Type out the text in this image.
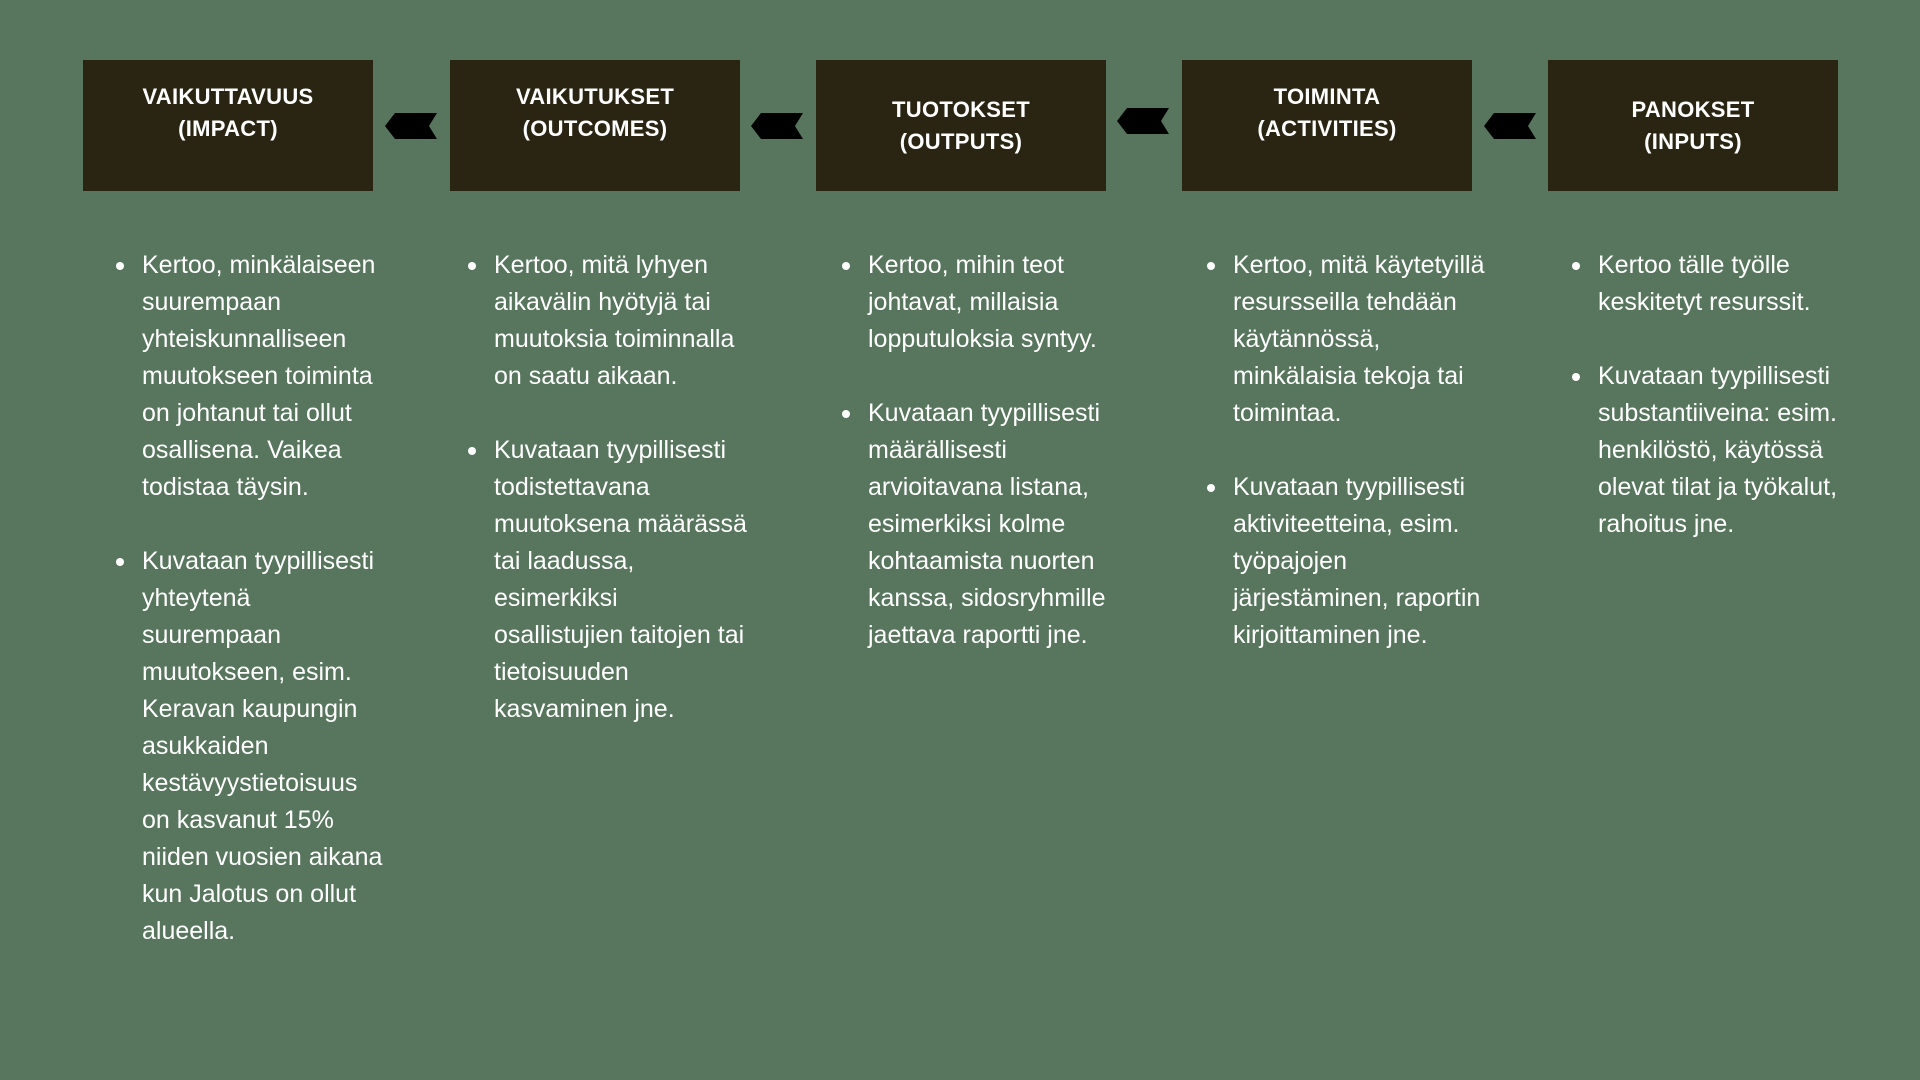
VAIKUTTAVUUS
(IMPACT)
VAIKUTUKSET
(OUTCOMES)
TUOTOKSET
(OUTPUTS)
TOIMINTA
(ACTIVITIES)
PANOKSET
(INPUTS)
Kertoo, minkälaiseen suurempaan yhteiskunnalliseen muutokseen toiminta on johtanut tai ollut osallisena. Vaikea todistaa täysin.
Kuvataan tyypillisesti yhteytenä suurempaan muutokseen, esim. Keravan kaupungin asukkaiden kestävyystietoisuus on kasvanut 15% niiden vuosien aikana kun Jalotus on ollut alueella.
Kertoo, mitä lyhyen aikavälin hyötyjä tai muutoksia toiminnalla on saatu aikaan.
Kuvataan tyypillisesti todistettavana muutoksena määrässä tai laadussa, esimerkiksi osallistujien taitojen tai tietoisuuden kasvaminen jne.
Kertoo, mihin teot johtavat, millaisia lopputuloksia syntyy.
Kuvataan tyypillisesti määrällisesti arvioitavana listana, esimerkiksi kolme kohtaamista nuorten kanssa, sidosryhmille jaettava raportti jne.
Kertoo, mitä käytetyillä resursseilla tehdään käytännössä, minkälaisia tekoja tai toimintaa.
Kuvataan tyypillisesti aktiviteetteina, esim. työpajojen järjestäminen, raportin kirjoittaminen jne.
Kertoo tälle työlle keskitetyt resurssit.
Kuvataan tyypillisesti substantiiveina: esim. henkilöstö, käytössä olevat tilat ja työkalut, rahoitus jne.
